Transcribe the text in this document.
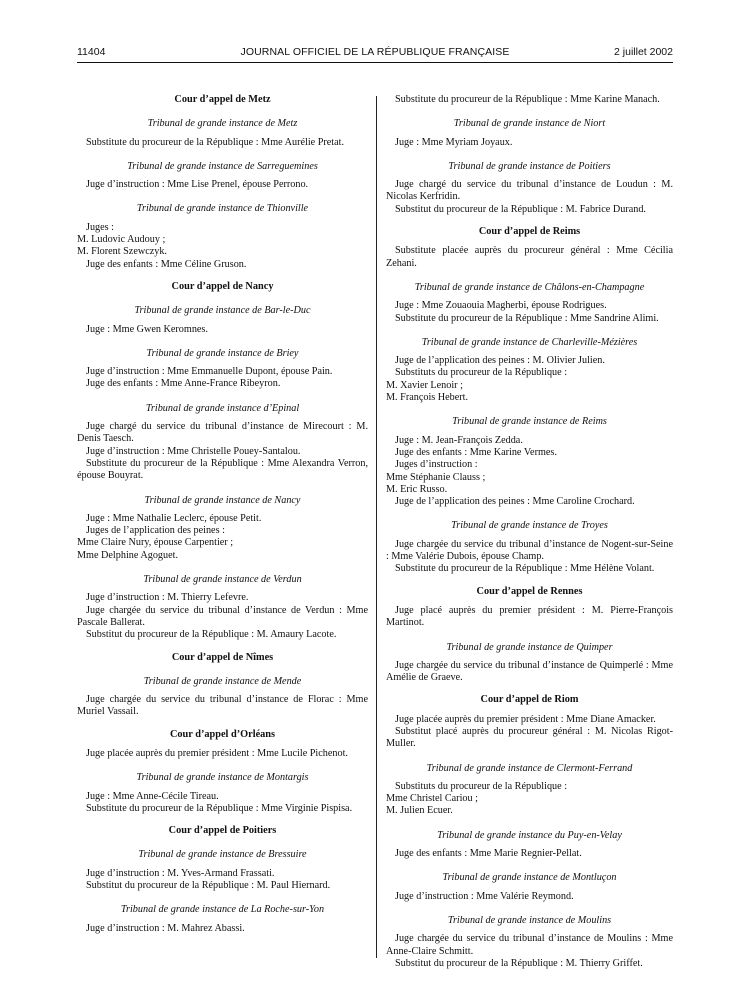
11404	JOURNAL OFFICIEL DE LA RÉPUBLIQUE FRANÇAISE	2 juillet 2002
Cour d’appel de Metz
Tribunal de grande instance de Metz
Substitute du procureur de la République : Mme Aurélie Pretat.
Tribunal de grande instance de Sarreguemines
Juge d’instruction : Mme Lise Prenel, épouse Perrono.
Tribunal de grande instance de Thionville
Juges :
M. Ludovic Audouy ;
M. Florent Szewczyk.
Juge des enfants : Mme Céline Gruson.
Cour d’appel de Nancy
Tribunal de grande instance de Bar-le-Duc
Juge : Mme Gwen Keromnes.
Tribunal de grande instance de Briey
Juge d’instruction : Mme Emmanuelle Dupont, épouse Pain.
Juge des enfants : Mme Anne-France Ribeyron.
Tribunal de grande instance d’Epinal
Juge chargé du service du tribunal d’instance de Mirecourt : M. Denis Taesch.
Juge d’instruction : Mme Christelle Pouey-Santalou.
Substitute du procureur de la République : Mme Alexandra Verron, épouse Bouyrat.
Tribunal de grande instance de Nancy
Juge : Mme Nathalie Leclerc, épouse Petit.
Juges de l’application des peines :
Mme Claire Nury, épouse Carpentier ;
Mme Delphine Agoguet.
Tribunal de grande instance de Verdun
Juge d’instruction : M. Thierry Lefevre.
Juge chargée du service du tribunal d’instance de Verdun : Mme Pascale Ballerat.
Substitut du procureur de la République : M. Amaury Lacote.
Cour d’appel de Nîmes
Tribunal de grande instance de Mende
Juge chargée du service du tribunal d’instance de Florac : Mme Muriel Vassail.
Cour d’appel d’Orléans
Juge placée auprès du premier président : Mme Lucile Pichenot.
Tribunal de grande instance de Montargis
Juge : Mme Anne-Cécile Tireau.
Substitute du procureur de la République : Mme Virginie Pispisa.
Cour d’appel de Poitiers
Tribunal de grande instance de Bressuire
Juge d’instruction : M. Yves-Armand Frassati.
Substitut du procureur de la République : M. Paul Hiernard.
Tribunal de grande instance de La Roche-sur-Yon
Juge d’instruction : M. Mahrez Abassi.
Substitute du procureur de la République : Mme Karine Manach.
Tribunal de grande instance de Niort
Juge : Mme Myriam Joyaux.
Tribunal de grande instance de Poitiers
Juge chargé du service du tribunal d’instance de Loudun : M. Nicolas Kerfridin.
Substitut du procureur de la République : M. Fabrice Durand.
Cour d’appel de Reims
Substitute placée auprès du procureur général : Mme Cécilia Zehani.
Tribunal de grande instance de Châlons-en-Champagne
Juge : Mme Zouaouia Magherbi, épouse Rodrigues.
Substitute du procureur de la République : Mme Sandrine Alimi.
Tribunal de grande instance de Charleville-Mézières
Juge de l’application des peines : M. Olivier Julien.
Substituts du procureur de la République :
M. Xavier Lenoir ;
M. François Hebert.
Tribunal de grande instance de Reims
Juge : M. Jean-François Zedda.
Juge des enfants : Mme Karine Vermes.
Juges d’instruction :
Mme Stéphanie Clauss ;
M. Eric Russo.
Juge de l’application des peines : Mme Caroline Crochard.
Tribunal de grande instance de Troyes
Juge chargée du service du tribunal d’instance de Nogent-sur-Seine : Mme Valérie Dubois, épouse Champ.
Substitute du procureur de la République : Mme Hélène Volant.
Cour d’appel de Rennes
Juge placé auprès du premier président : M. Pierre-François Martinot.
Tribunal de grande instance de Quimper
Juge chargée du service du tribunal d’instance de Quimperlé : Mme Amélie de Graeve.
Cour d’appel de Riom
Juge placée auprès du premier président : Mme Diane Amacker.
Substitut placé auprès du procureur général : M. Nicolas Rigot-Muller.
Tribunal de grande instance de Clermont-Ferrand
Substituts du procureur de la République :
Mme Christel Cariou ;
M. Julien Ecuer.
Tribunal de grande instance du Puy-en-Velay
Juge des enfants : Mme Marie Regnier-Pellat.
Tribunal de grande instance de Montluçon
Juge d’instruction : Mme Valérie Reymond.
Tribunal de grande instance de Moulins
Juge chargée du service du tribunal d’instance de Moulins : Mme Anne-Claire Schmitt.
Substitut du procureur de la République : M. Thierry Griffet.
